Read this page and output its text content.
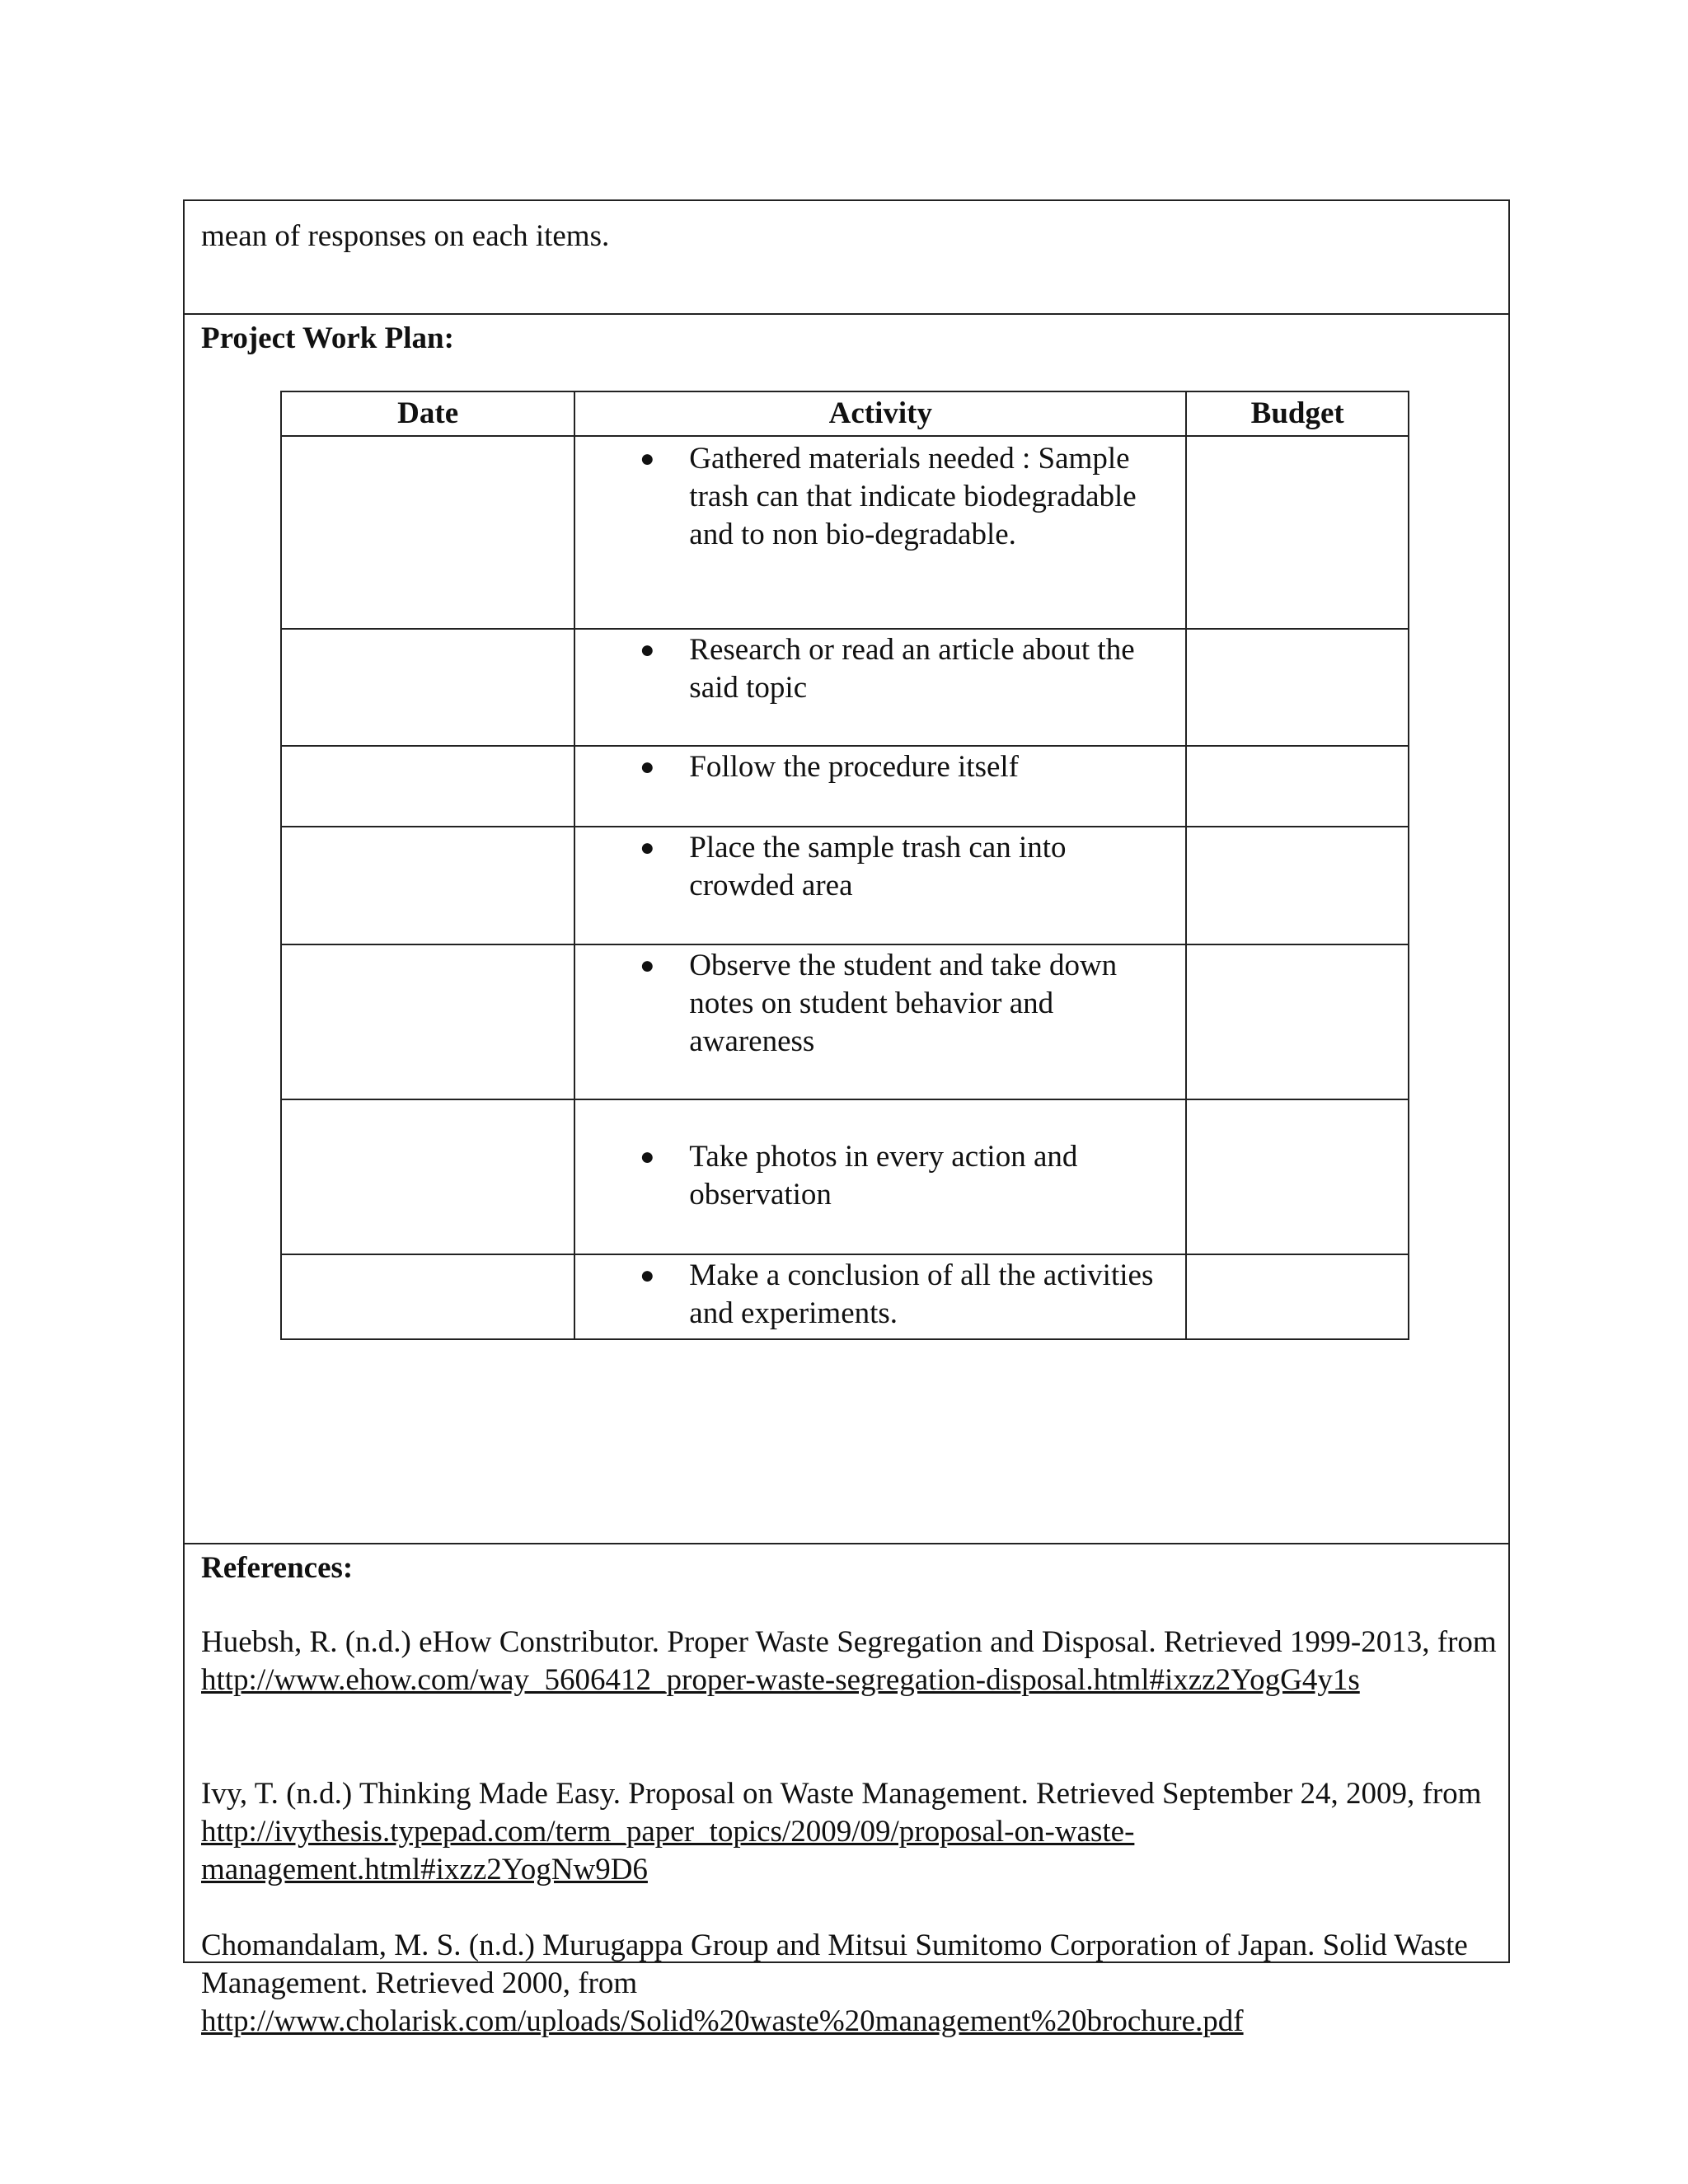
mean of responses on each items.

Project Work Plan:

Date	Activity	Budget

	● Gathered materials needed : Sample trash can that indicate biodegradable and to non bio-degradable.	

	● Research or read an article about the said topic	

	● Follow the procedure itself	

	● Place the sample trash can into crowded area	

	● Observe the student and take down notes on student behavior and awareness	

	● Take photos in every action and observation	

	● Make a conclusion of all the activities and experiments.	

References:

Huebsh, R. (n.d.) eHow Constributor. Proper Waste Segregation and Disposal. Retrieved 1999-2013, from http://www.ehow.com/way_5606412_proper-waste-segregation-disposal.html#ixzz2YogG4y1s

Ivy, T. (n.d.) Thinking Made Easy. Proposal on Waste Management. Retrieved September 24, 2009, from http://ivythesis.typepad.com/term_paper_topics/2009/09/proposal-on-waste-management.html#ixzz2YogNw9D6

Chomandalam, M. S. (n.d.) Murugappa Group and Mitsui Sumitomo Corporation of Japan. Solid Waste Management. Retrieved 2000, from http://www.cholarisk.com/uploads/Solid%20waste%20management%20brochure.pdf
